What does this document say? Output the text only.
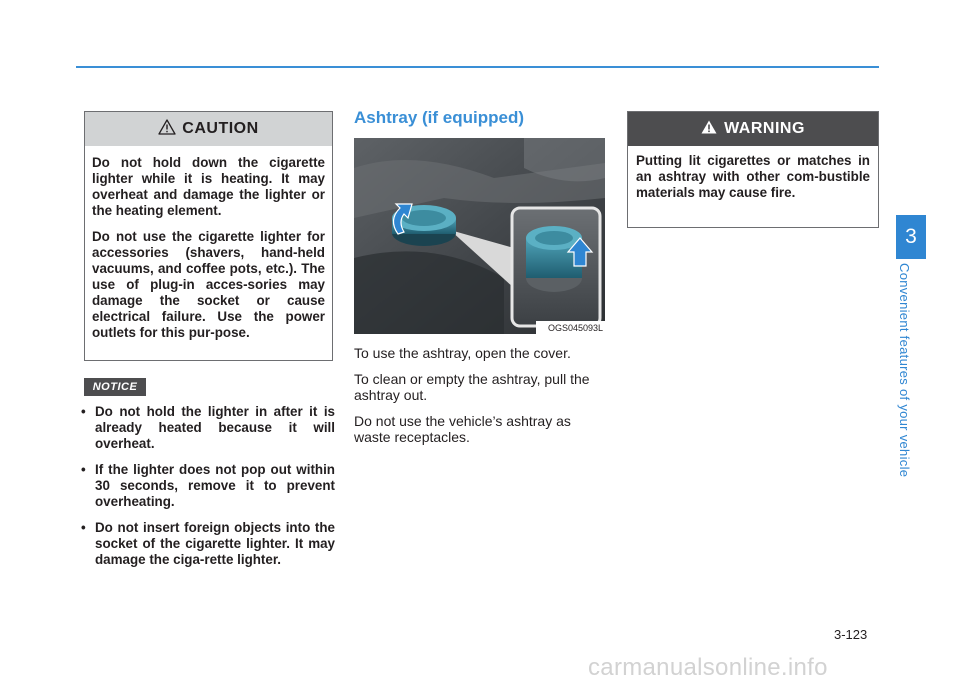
CAUTION

Do not hold down the cigarette lighter while it is heating. It may overheat and damage the lighter or the heating element.

Do not use the cigarette lighter for accessories (shavers, hand-held vacuums, and coffee pots, etc.). The use of plug-in acces-sories may damage the socket or cause electrical failure. Use the power outlets for this pur-pose.

NOTICE
• Do not hold the lighter in after it is already heated because it will overheat.
• If the lighter does not pop out within 30 seconds, remove it to prevent overheating.
• Do not insert foreign objects into the socket of the cigarette lighter. It may damage the ciga-rette lighter.
Ashtray (if equipped)
OGS045093L

To use the ashtray, open the cover.

To clean or empty the ashtray, pull the ashtray out.

Do not use the vehicle’s ashtray as waste receptacles.

WARNING

Putting lit cigarettes or matches in an ashtray with other com-bustible materials may cause fire.

3
Convenient features of your vehicle
3-123
carmanualsonline.info
